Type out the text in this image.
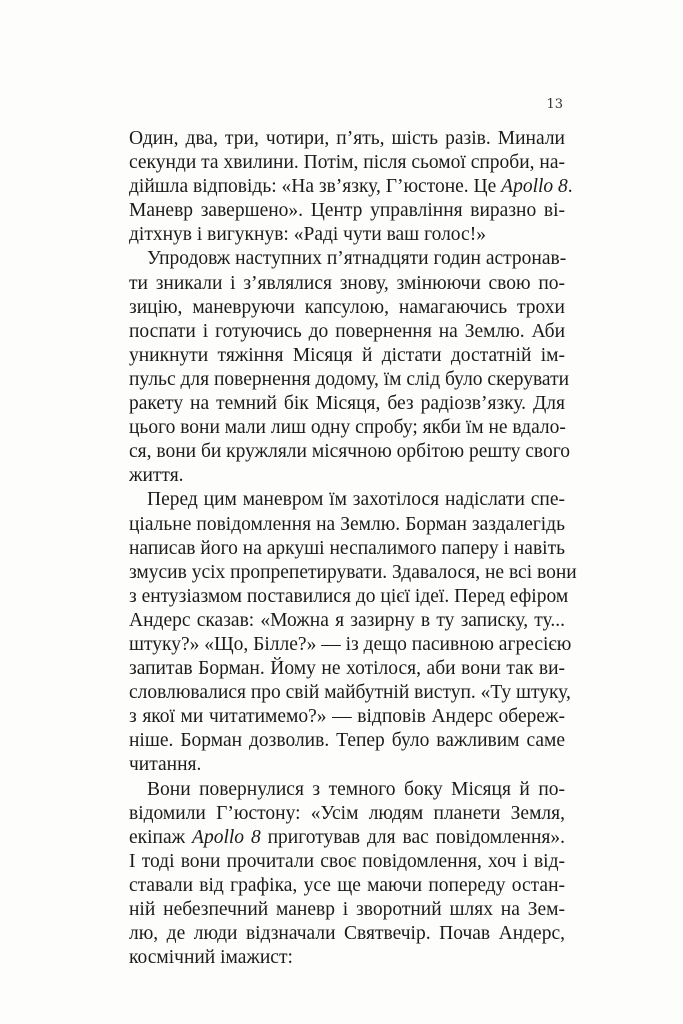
13
Один, два, три, чотири, п’ять, шість разів. Минали
секунди та хвилини. Потім, після сьомої спроби, на-
дійшла відповідь: «На зв’язку, Г’юстоне. Це Apollo 8.
Маневр завершено». Центр управління виразно ві-
дітхнув і вигукнув: «Раді чути ваш голос!»
Упродовж наступних п’ятнадцяти годин астронав-
ти зникали і з’являлися знову, змінюючи свою по-
зицію, маневруючи капсулою, намагаючись трохи
поспати і готуючись до повернення на Землю. Аби
уникнути тяжіння Місяця й дістати достатній ім-
пульс для повернення додому, їм слід було скерувати
ракету на темний бік Місяця, без радіозв’язку. Для
цього вони мали лиш одну спробу; якби їм не вдало-
ся, вони би кружляли місячною орбітою решту свого
життя.
Перед цим маневром їм захотілося надіслати спе-
ціальне повідомлення на Землю. Борман заздалегідь
написав його на аркуші неспалимого паперу і навіть
змусив усіх пропрепетирувати. Здавалося, не всі вони
з ентузіазмом поставилися до цієї ідеї. Перед ефіром
Андерс сказав: «Можна я зазирну в ту записку, ту...
штуку?» «Що, Білле?» — із дещо пасивною агресією
запитав Борман. Йому не хотілося, аби вони так ви-
словлювалися про свій майбутній виступ. «Ту штуку,
з якої ми читатимемо?» — відповів Андерс обереж-
ніше. Борман дозволив. Тепер було важливим саме
читання.
Вони повернулися з темного боку Місяця й по-
відомили Г’юстону: «Усім людям планети Земля,
екіпаж Apollo 8 приготував для вас повідомлення».
І тоді вони прочитали своє повідомлення, хоч і від-
ставали від графіка, усе ще маючи попереду остан-
ній небезпечний маневр і зворотний шлях на Зем-
лю, де люди відзначали Святвечір. Почав Андерс,
космічний імажист:
